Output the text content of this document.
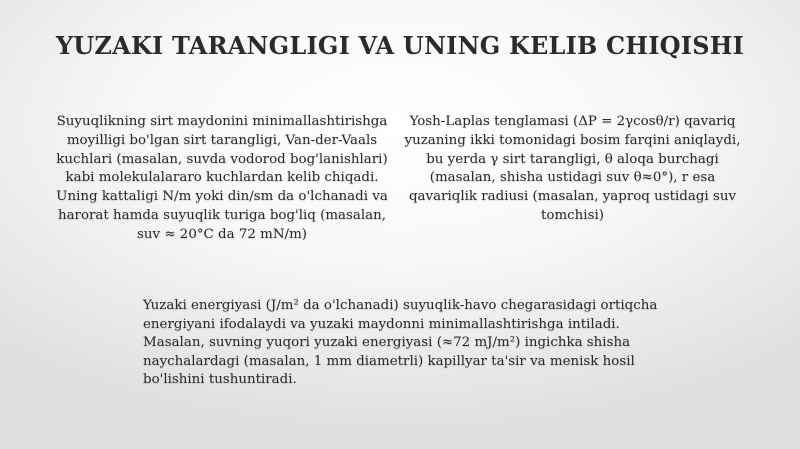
YUZAKI TARANGLIGI VA UNING KELIB CHIQISHI
Suyuqlikning sirt maydonini minimallashtirishga moyilligi bo'lgan sirt tarangligi, Van-der-Vaals kuchlari (masalan, suvda vodorod bog'lanishlari) kabi molekulalararo kuchlardan kelib chiqadi. Uning kattaligi N/m yoki din/sm da o'lchanadi va harorat hamda suyuqlik turiga bog'liq (masalan, suv ≈ 20°C da 72 mN/m)
Yosh-Laplas tenglamasi (ΔP = 2γcosθ/r) qavariq yuzaning ikki tomonidagi bosim farqini aniqlaydi, bu yerda γ sirt tarangligi, θ aloqa burchagi (masalan, shisha ustidagi suv θ≈0°), r esa qavariqlik radiusi (masalan, yaproq ustidagi suv tomchisi)
Yuzaki energiyasi (J/m² da o'lchanadi) suyuqlik-havo chegarasidagi ortiqcha energiyani ifodalaydi va yuzaki maydonni minimallashtirishga intiladi. Masalan, suvning yuqori yuzaki energiyasi (≈72 mJ/m²) ingichka shisha naychalardagi (masalan, 1 mm diametrli) kapillyar ta'sir va menisk hosil bo'lishini tushuntiradi.
